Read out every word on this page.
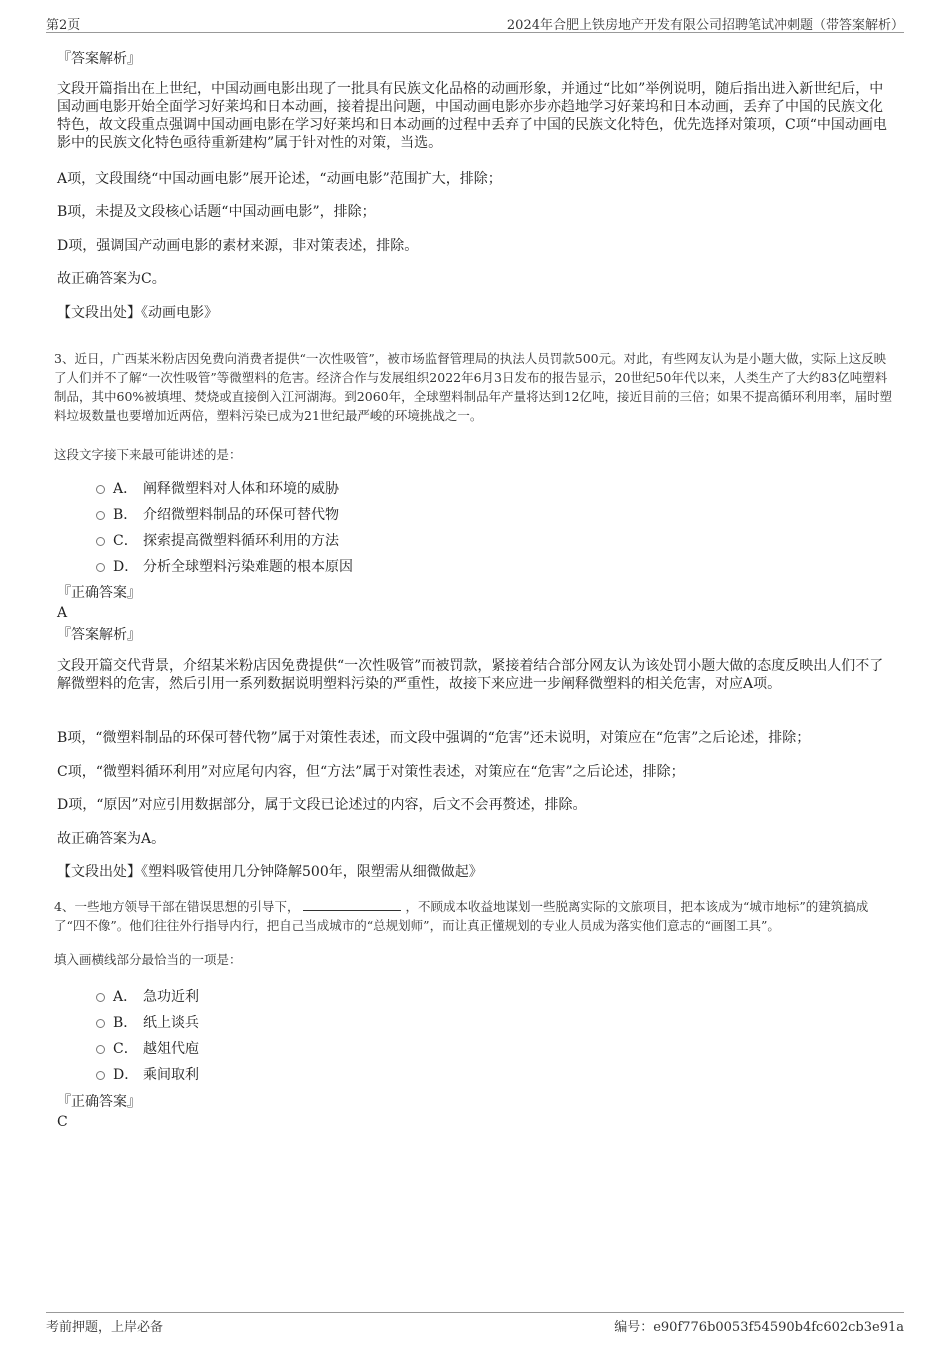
第2页	2024年合肥上铁房地产开发有限公司招聘笔试冲刺题（带答案解析）
『答案解析』

文段开篇指出在上世纪，中国动画电影出现了一批具有民族文化品格的动画形象，并通过“比如”举例说明，随后指出进入新世纪后，中国动画电影开始全面学习好莱坞和日本动画，接着提出问题，中国动画电影亦步亦趋地学习好莱坞和日本动画，丢弃了中国的民族文化特色，故文段重点强调中国动画电影在学习好莱坞和日本动画的过程中丢弃了中国的民族文化特色，优先选择对策项，C项“中国动画电影中的民族文化特色亟待重新建构”属于针对性的对策，当选。

A项，文段围绕“中国动画电影”展开论述，“动画电影”范围扩大，排除；

B项，未提及文段核心话题“中国动画电影”，排除；

D项，强调国产动画电影的素材来源，非对策表述，排除。

故正确答案为C。

【文段出处】《动画电影》

3、近日，广西某米粉店因免费向消费者提供“一次性吸管”，被市场监督管理局的执法人员罚款500元。对此，有些网友认为是小题大做，实际上这反映了人们并不了解“一次性吸管”等微塑料的危害。经济合作与发展组织2022年6月3日发布的报告显示，20世纪50年代以来，人类生产了大约83亿吨塑料制品，其中60%被填埋、焚烧或直接倒入江河湖海。到2060年，全球塑料制品年产量将达到12亿吨，接近目前的三倍；如果不提高循环利用率，届时塑料垃圾数量也要增加近两倍，塑料污染已成为21世纪最严峻的环境挑战之一。

这段文字接下来最可能讲述的是：

A． 阐释微塑料对人体和环境的威胁
B． 介绍微塑料制品的环保可替代物
C． 探索提高微塑料循环利用的方法
D． 分析全球塑料污染难题的根本原因
『正确答案』
A
『答案解析』

文段开篇交代背景，介绍某米粉店因免费提供“一次性吸管”而被罚款，紧接着结合部分网友认为该处罚小题大做的态度反映出人们不了解微塑料的危害，然后引用一系列数据说明塑料污染的严重性，故接下来应进一步阐释微塑料的相关危害，对应A项。

B项，“微塑料制品的环保可替代物”属于对策性表述，而文段中强调的“危害”还未说明，对策应在“危害”之后论述，排除；

C项，“微塑料循环利用”对应尾句内容，但“方法”属于对策性表述，对策应在“危害”之后论述，排除；

D项，“原因”对应引用数据部分，属于文段已论述过的内容，后文不会再赘述，排除。

故正确答案为A。

【文段出处】《塑料吸管使用几分钟降解500年，限塑需从细微做起》

4、一些地方领导干部在错误思想的引导下，	，不顾成本收益地谋划一些脱离实际的文旅项目，把本该成为“城市地标”的建筑搞成了“四不像”。他们往往外行指导内行，把自己当成城市的“总规划师”，而让真正懂规划的专业人员成为落实他们意志的“画图工具”。

填入画横线部分最恰当的一项是：

A． 急功近利
B． 纸上谈兵
C． 越俎代庖
D． 乘间取利
『正确答案』
C
考前押题，上岸必备	编号：e90f776b0053f54590b4fc602cb3e91a
